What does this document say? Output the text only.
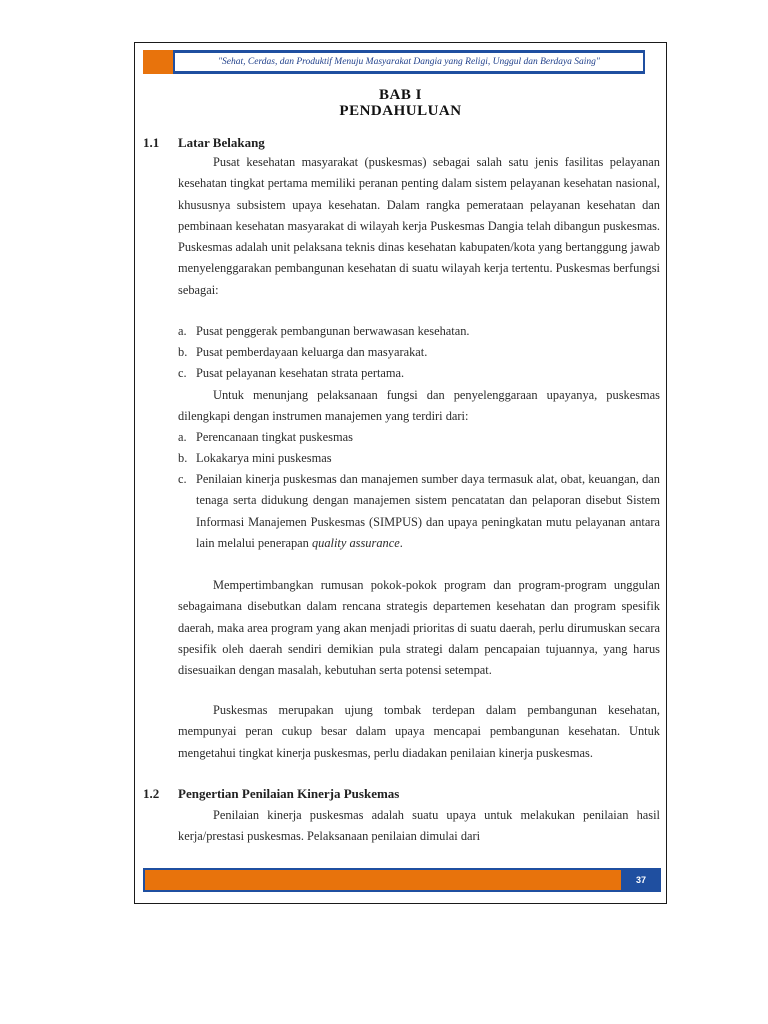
"Sehat, Cerdas, dan Produktif Menuju Masyarakat Dangia yang Religi, Unggul dan Berdaya Saing"
BAB I
PENDAHULUAN
1.1 Latar Belakang
Pusat kesehatan masyarakat (puskesmas) sebagai salah satu jenis fasilitas pelayanan kesehatan tingkat pertama memiliki peranan penting dalam sistem pelayanan kesehatan nasional, khususnya subsistem upaya kesehatan. Dalam rangka pemerataan pelayanan kesehatan dan pembinaan kesehatan masyarakat di wilayah kerja Puskesmas Dangia telah dibangun puskesmas. Puskesmas adalah unit pelaksana teknis dinas kesehatan kabupaten/kota yang bertanggung jawab menyelenggarakan pembangunan kesehatan di suatu wilayah kerja tertentu. Puskesmas berfungsi sebagai:
a. Pusat penggerak pembangunan berwawasan kesehatan.
b. Pusat pemberdayaan keluarga dan masyarakat.
c. Pusat pelayanan kesehatan strata pertama.
Untuk menunjang pelaksanaan fungsi dan penyelenggaraan upayanya, puskesmas dilengkapi dengan instrumen manajemen yang terdiri dari:
a. Perencanaan tingkat puskesmas
b. Lokakarya mini puskesmas
c. Penilaian kinerja puskesmas dan manajemen sumber daya termasuk alat, obat, keuangan, dan tenaga serta didukung dengan manajemen sistem pencatatan dan pelaporan disebut Sistem Informasi Manajemen Puskesmas (SIMPUS) dan upaya peningkatan mutu pelayanan antara lain melalui penerapan quality assurance.
Mempertimbangkan rumusan pokok-pokok program dan program-program unggulan sebagaimana disebutkan dalam rencana strategis departemen kesehatan dan program spesifik daerah, maka area program yang akan menjadi prioritas di suatu daerah, perlu dirumuskan secara spesifik oleh daerah sendiri demikian pula strategi dalam pencapaian tujuannya, yang harus disesuaikan dengan masalah, kebutuhan serta potensi setempat.
Puskesmas merupakan ujung tombak terdepan dalam pembangunan kesehatan, mempunyai peran cukup besar dalam upaya mencapai pembangunan kesehatan. Untuk mengetahui tingkat kinerja puskesmas, perlu diadakan penilaian kinerja puskesmas.
1.2 Pengertian Penilaian Kinerja Puskemas
Penilaian kinerja puskesmas adalah suatu upaya untuk melakukan penilaian hasil kerja/prestasi puskesmas. Pelaksanaan penilaian dimulai dari
37
